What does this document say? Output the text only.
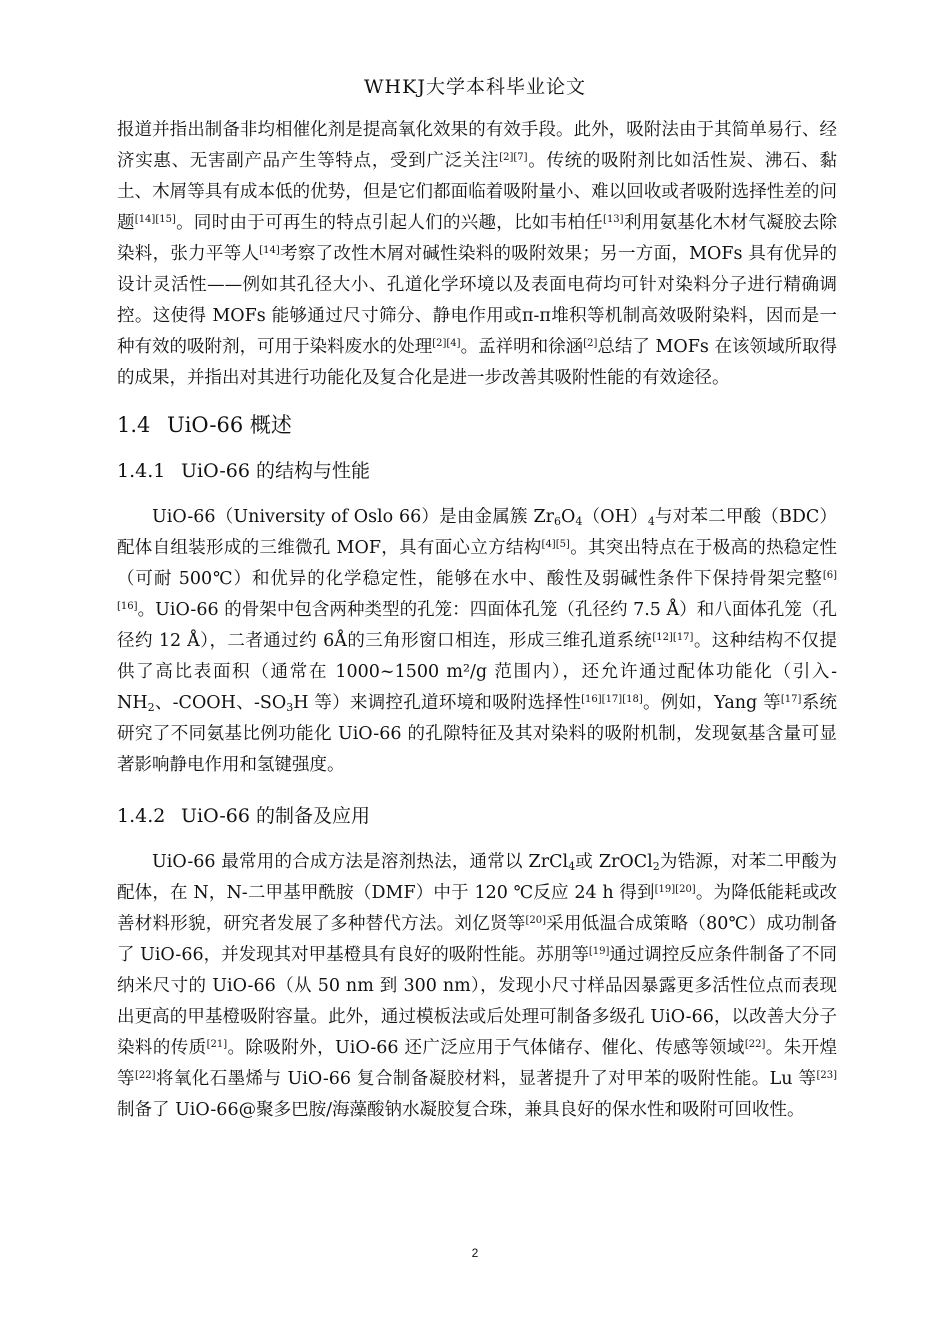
WHKJ大学本科毕业论文

报道并指出制备非均相催化剂是提高氧化效果的有效手段。此外，吸附法由于其简单易行、经济实惠、无害副产品产生等特点，受到广泛关注[2][7]。传统的吸附剂比如活性炭、沸石、黏土、木屑等具有成本低的优势，但是它们都面临着吸附量小、难以回收或者吸附选择性差的问题[14][15]。同时由于可再生的特点引起人们的兴趣，比如韦柏任[13]利用氨基化木材气凝胶去除染料，张力平等人[14]考察了改性木屑对碱性染料的吸附效果；另一方面，MOFs 具有优异的设计灵活性——例如其孔径大小、孔道化学环境以及表面电荷均可针对染料分子进行精确调控。这使得 MOFs 能够通过尺寸筛分、静电作用或π-π堆积等机制高效吸附染料，因而是一种有效的吸附剂，可用于染料废水的处理[2][4]。孟祥明和徐涵[2]总结了 MOFs 在该领域所取得的成果，并指出对其进行功能化及复合化是进一步改善其吸附性能的有效途径。

1.4 UiO-66 概述
1.4.1 UiO-66 的结构与性能

UiO-66（University of Oslo 66）是由金属簇 $Zr_6O_4(OH)_4$与对苯二甲酸（BDC）配体自组装形成的三维微孔 MOF，具有面心立方结构[4][5]。其突出特点在于极高的热稳定性（可耐 500℃）和优异的化学稳定性，能够在水中、酸性及弱碱性条件下保持骨架完整[6][16]。UiO-66 的骨架中包含两种类型的孔笼：四面体孔笼（孔径约 7.5 Å）和八面体孔笼（孔径约 12 Å），二者通过约 6Å的三角形窗口相连，形成三维孔道系统[12][17]。这种结构不仅提供了高比表面积（通常在 1000~1500 m²/g 范围内），还允许通过配体功能化（引入$-NH_2$、-COOH、$-SO_3H$ 等）来调控孔道环境和吸附选择性[16][17][18]。例如，Yang 等[17]系统研究了不同氨基比例功能化 UiO-66 的孔隙特征及其对染料的吸附机制，发现氨基含量可显著影响静电作用和氢键强度。

1.4.2 UiO-66 的制备及应用

UiO-66 最常用的合成方法是溶剂热法，通常以 ZrCl$_4$或 ZrOCl$_2$为锆源，对苯二甲酸为配体，在 N，N-二甲基甲酰胺（DMF）中于 120 ℃反应 24 h 得到[19][20]。为降低能耗或改善材料形貌，研究者发展了多种替代方法。刘亿贤等[20]采用低温合成策略（80℃）成功制备了 UiO-66，并发现其对甲基橙具有良好的吸附性能。苏朋等[19]通过调控反应条件制备了不同纳米尺寸的 UiO-66（从 50 nm 到 300 nm），发现小尺寸样品因暴露更多活性位点而表现出更高的甲基橙吸附容量。此外，通过模板法或后处理可制备多级孔 UiO-66，以改善大分子染料的传质[21]。除吸附外，UiO-66 还广泛应用于气体储存、催化、传感等领域[22]。朱开煌等[22]将氧化石墨烯与 UiO-66 复合制备凝胶材料，显著提升了对甲苯的吸附性能。Lu 等[23]制备了 UiO-66@聚多巴胺/海藻酸钠水凝胶复合珠，兼具良好的保水性和吸附可回收性。

2
